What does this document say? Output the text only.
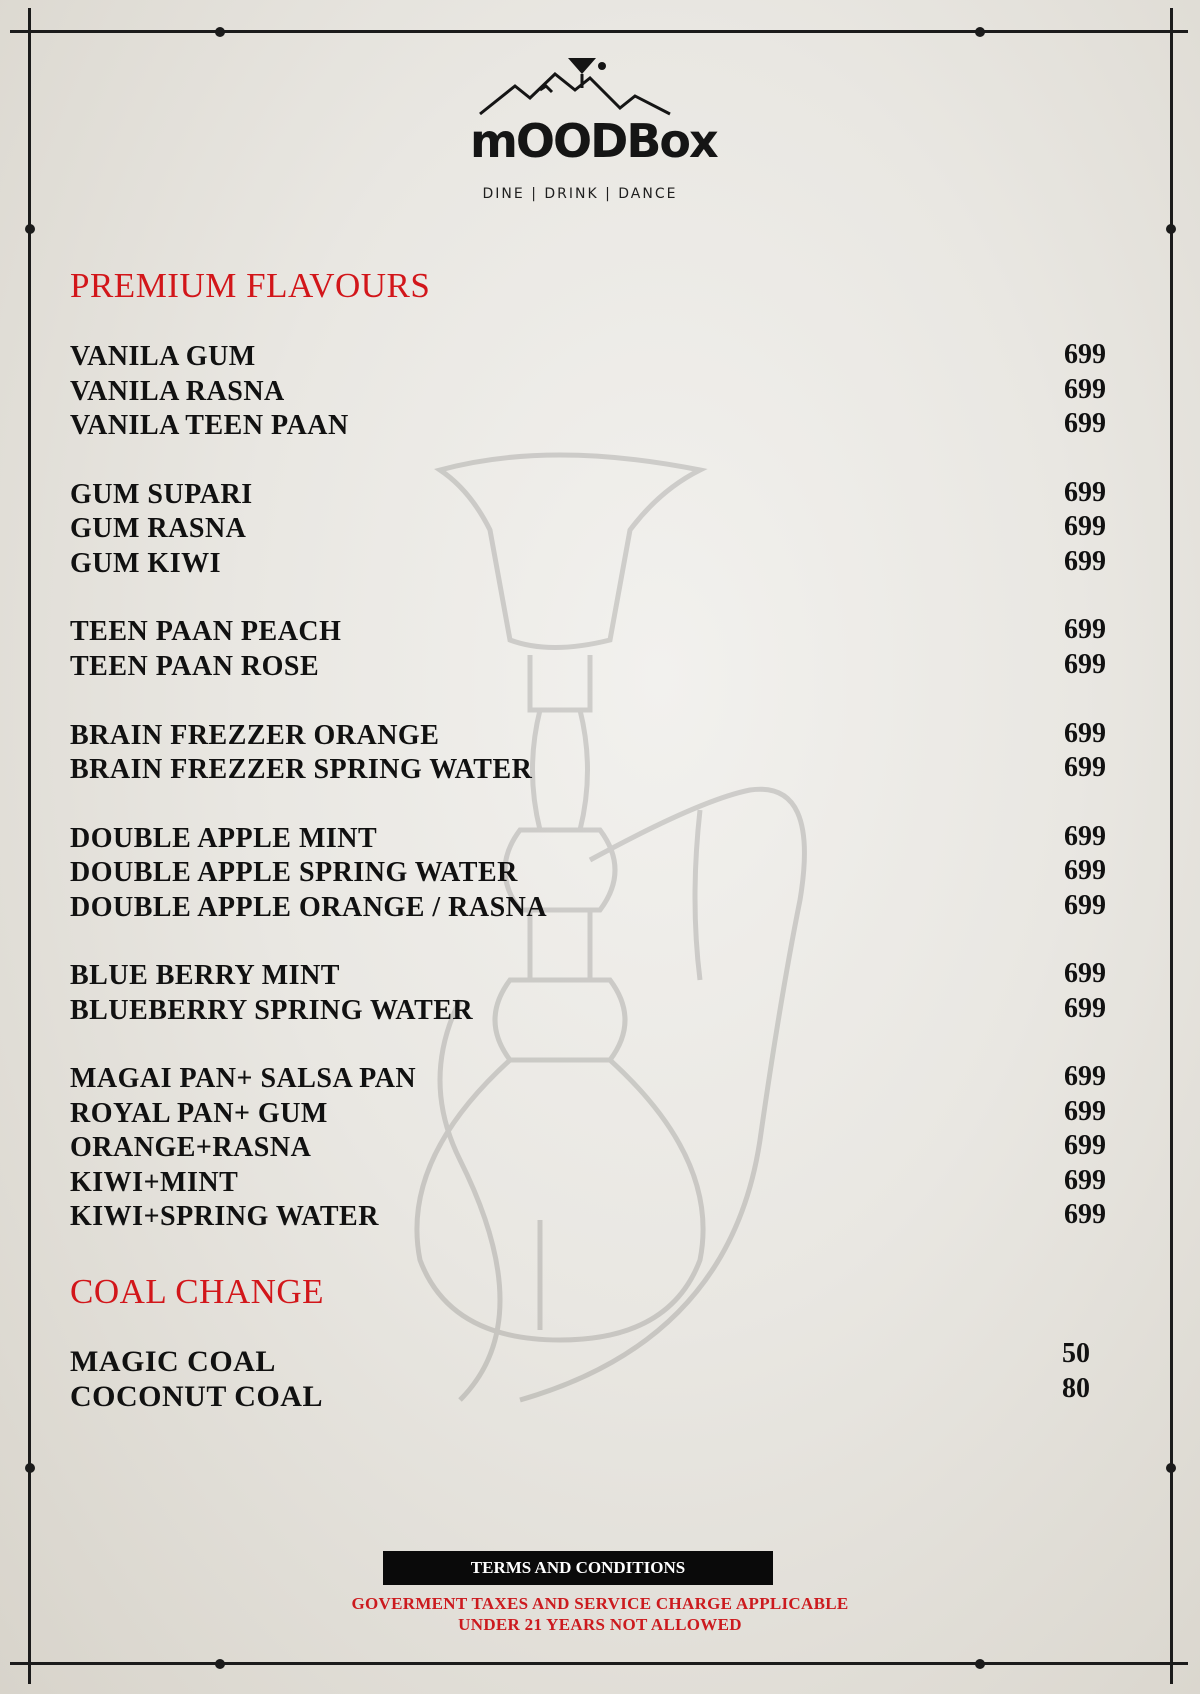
mOODBox
DINE | DRINK | DANCE
PREMIUM FLAVOURS
VANILA GUM	699
VANILA RASNA	699
VANILA TEEN PAAN	699
GUM SUPARI	699
GUM RASNA	699
GUM KIWI	699
TEEN PAAN PEACH	699
TEEN PAAN ROSE	699
BRAIN FREZZER ORANGE	699
BRAIN FREZZER SPRING WATER	699
DOUBLE APPLE MINT	699
DOUBLE APPLE SPRING WATER	699
DOUBLE APPLE ORANGE / RASNA	699
BLUE BERRY MINT	699
BLUEBERRY SPRING WATER	699
MAGAI PAN+ SALSA PAN	699
ROYAL PAN+ GUM	699
ORANGE+RASNA	699
KIWI+MINT	699
KIWI+SPRING WATER	699
COAL CHANGE
MAGIC COAL	50
COCONUT COAL	80
TERMS AND CONDITIONS
GOVERMENT TAXES AND SERVICE CHARGE APPLICABLE
UNDER 21 YEARS NOT ALLOWED
